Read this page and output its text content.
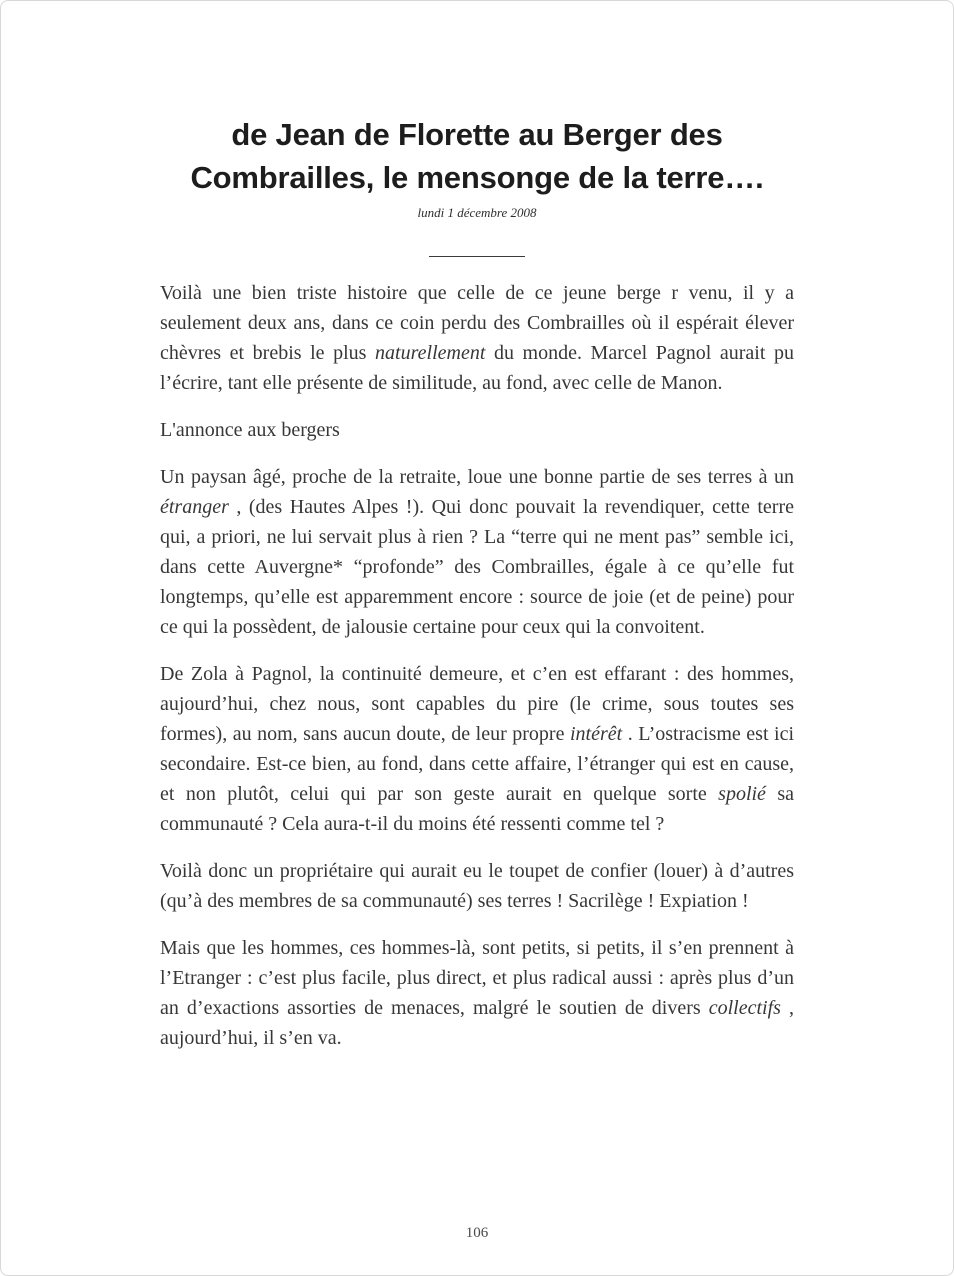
de Jean de Florette au Berger des
Combrailles, le mensonge de la terre….
lundi 1 décembre 2008

Voilà une bien triste histoire que celle de ce jeune berge r venu, il y a seulement deux ans, dans ce coin perdu des Combrailles où il espérait élever chèvres et brebis le plus naturellement du monde. Marcel Pagnol aurait pu l’écrire, tant elle présente de similitude, au fond, avec celle de Manon.

L'annonce aux bergers

Un paysan âgé, proche de la retraite, loue une bonne partie de ses terres à un étranger , (des Hautes Alpes !). Qui donc pouvait la revendiquer, cette terre qui, a priori, ne lui servait plus à rien ? La “terre qui ne ment pas” semble ici, dans cette Auvergne* “profonde” des Combrailles, égale à ce qu’elle fut longtemps, qu’elle est apparemment encore : source de joie (et de peine) pour ce qui la possèdent, de jalousie certaine pour ceux qui la convoitent.

De Zola à Pagnol, la continuité demeure, et c’en est effarant : des hommes, aujourd’hui, chez nous, sont capables du pire (le crime, sous toutes ses formes), au nom, sans aucun doute, de leur propre intérêt . L’ostracisme est ici secondaire. Est-ce bien, au fond, dans cette affaire, l’étranger qui est en cause, et non plutôt, celui qui par son geste aurait en quelque sorte spolié sa communauté ? Cela aura-t-il du moins été ressenti comme tel ?

Voilà donc un propriétaire qui aurait eu le toupet de confier (louer) à d’autres (qu’à des membres de sa communauté) ses terres ! Sacrilège ! Expiation !

Mais que les hommes, ces hommes-là, sont petits, si petits, il s’en prennent à l’Etranger : c’est plus facile, plus direct, et plus radical aussi : après plus d’un an d’exactions assorties de menaces, malgré le soutien de divers collectifs , aujourd’hui, il s’en va.

106
